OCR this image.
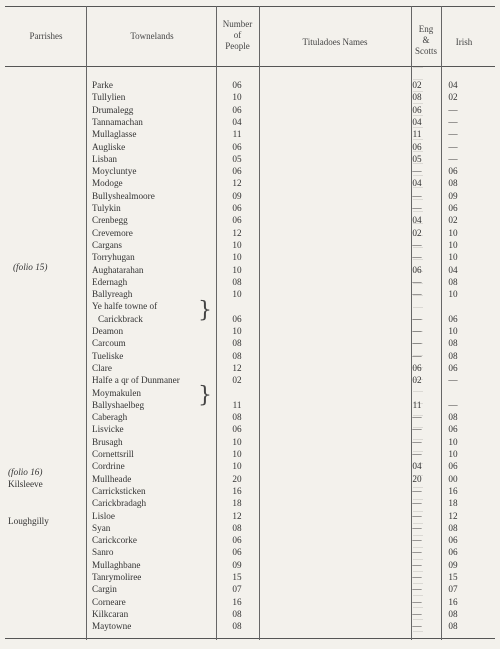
Parrishes	Townelands
Number
of
People	Tituladoes Names
Eng
&
Scotts
Irish
(folio 15)
(folio 16)
Kilsleeve
Loughgilly
Parke	06	02	04
Tullylien	10	08	02
Drumalegg	06	06	—
Tannamachan	04	04	—
Mullaglasse	11	11	—
Augliske	06	06	—
Lisban	05	05	—
Moycluntye	06	—	06
Modoge	12	04	08
Bullyshealmoore	09	—	09
Tulykin	06	—	06
Crenbegg	06	04	02
Crevemore	12	02	10
Cargans	10	—	10
Torryhugan	10	—	10
Aughatarahan	10	06	04
Edernagh	08	—	08
Ballyreagh	10	—	10
Ye halfe towne of
Carickbrack	06	—	06
Deamon	10	—	10
Carcoum	08	—	08
Tueliske	08	—	08
Clare	12	06	06
Halfe a qr of Dunmaner	02	02	—
Moymakulen
Ballyshaelbeg	11	11	—
Caberagh	08	—	08
Lisvicke	06	—	06
Brusagh	10	—	10
Cornettsrill	10	—	10
Cordrine	10	04	06
Mullheade	20	20	00
Carricksticken	16	—	16
Carickbradagh	18	—	18
Lisloe	12	—	12
Syan	08	—	08
Carickcorke	06	—	06
Sanro	06	—	06
Mullaghbane	09	—	09
Tanrymoliree	15	—	15
Cargin	07	—	07
Corneare	16	—	16
Kilkcaran	08	—	08
Maytowne	08	—	08
}
}
